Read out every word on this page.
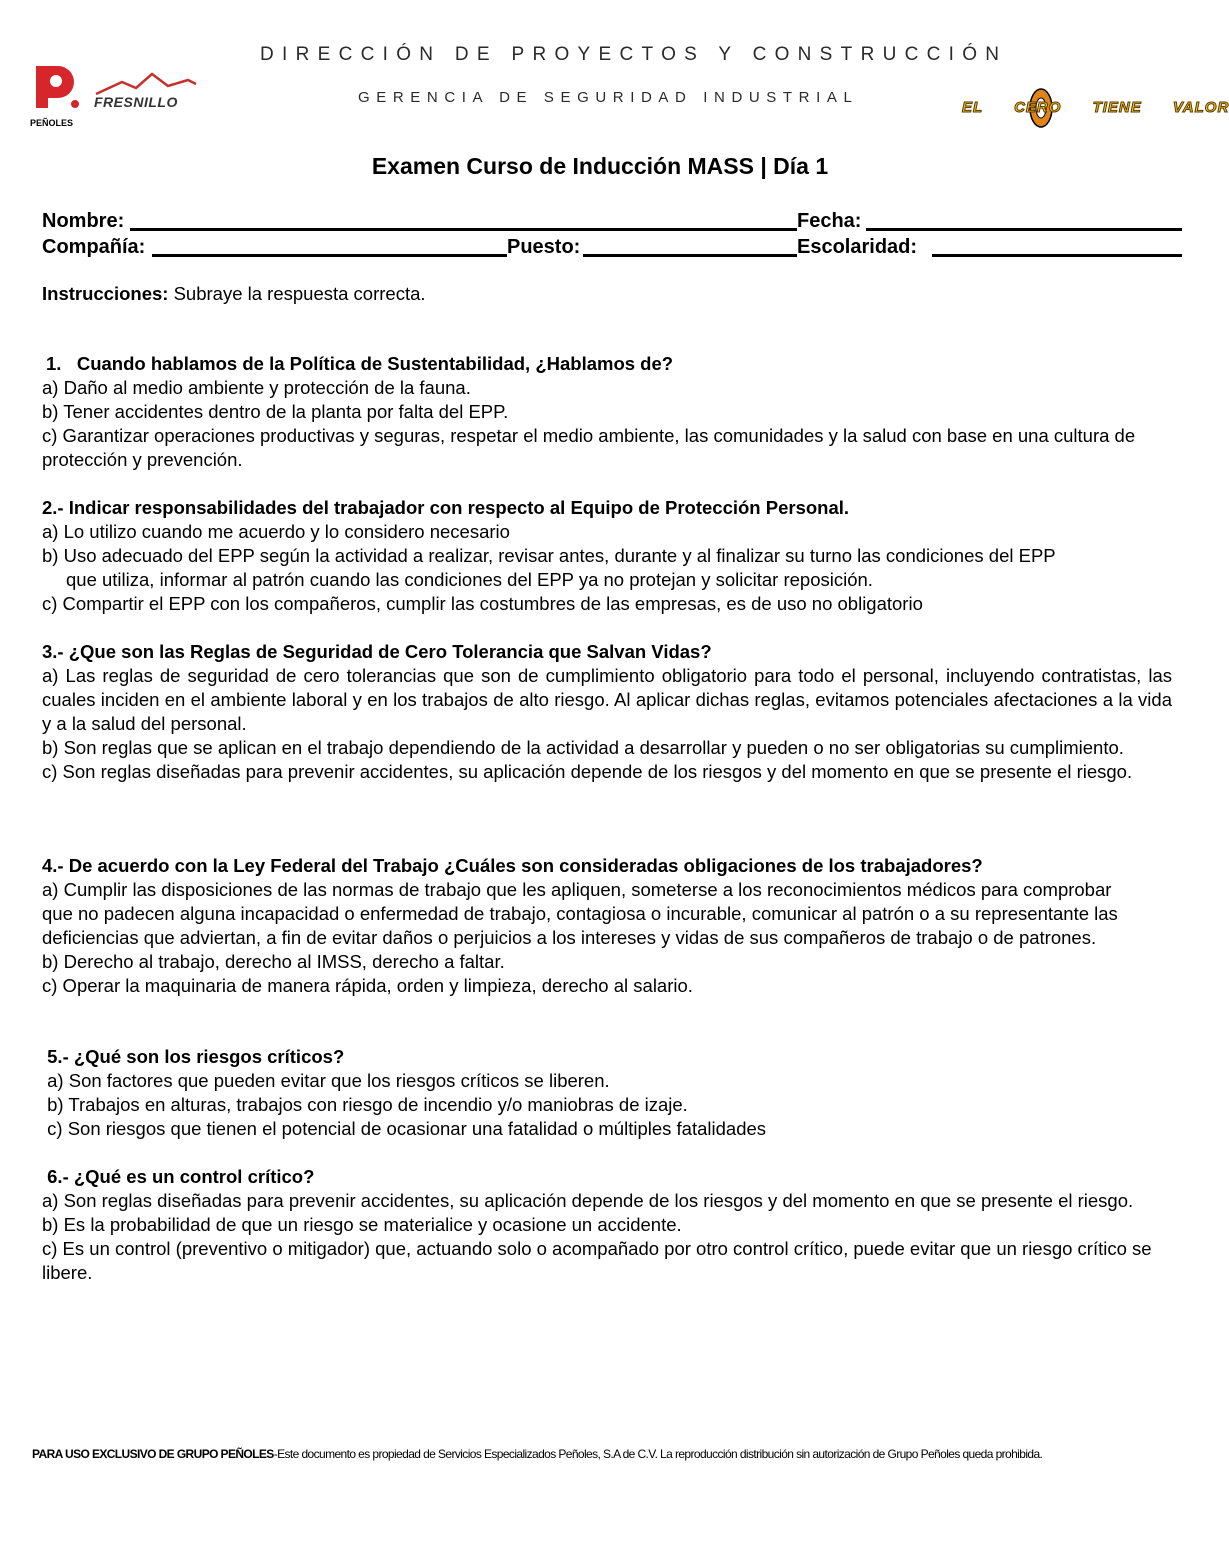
PEÑOLES
FRESNILLO
DIRECCIÓN DE PROYECTOS Y CONSTRUCCIÓN
GERENCIA DE SEGURIDAD INDUSTRIAL
EL CERO TIENE VALOR
Examen Curso de Inducción MASS | Día 1
Nombre:	Fecha:
Compañía:	Puesto:	Escolaridad:
Instrucciones: Subraye la respuesta correcta.
1.   Cuando hablamos de la Política de Sustentabilidad, ¿Hablamos de?
a) Daño al medio ambiente y protección de la fauna.
b) Tener accidentes dentro de la planta por falta del EPP.
c) Garantizar operaciones productivas y seguras, respetar el medio ambiente, las comunidades y la salud con base en una cultura de protección y prevención.
2.- Indicar responsabilidades del trabajador con respecto al Equipo de Protección Personal.
a) Lo utilizo cuando me acuerdo y lo considero necesario
b) Uso adecuado del EPP según la actividad a realizar, revisar antes, durante y al finalizar su turno las condiciones del EPP
que utiliza, informar al patrón cuando las condiciones del EPP ya no protejan y solicitar reposición.
c) Compartir el EPP con los compañeros, cumplir las costumbres de las empresas, es de uso no obligatorio
3.- ¿Que son las Reglas de Seguridad de Cero Tolerancia que Salvan Vidas?
a) Las reglas de seguridad de cero tolerancias que son de cumplimiento obligatorio para todo el personal, incluyendo contratistas, las cuales inciden en el ambiente laboral y en los trabajos de alto riesgo. Al aplicar dichas reglas, evitamos potenciales afectaciones a la vida y a la salud del personal.
b) Son reglas que se aplican en el trabajo dependiendo de la actividad a desarrollar y pueden o no ser obligatorias su cumplimiento.
c) Son reglas diseñadas para prevenir accidentes, su aplicación depende de los riesgos y del momento en que se presente el riesgo.
4.- De acuerdo con la Ley Federal del Trabajo ¿Cuáles son consideradas obligaciones de los trabajadores?
a) Cumplir las disposiciones de las normas de trabajo que les apliquen, someterse a los reconocimientos médicos para comprobar que no padecen alguna incapacidad o enfermedad de trabajo, contagiosa o incurable, comunicar al patrón o a su representante las deficiencias que adviertan, a fin de evitar daños o perjuicios a los intereses y vidas de sus compañeros de trabajo o de patrones.
b) Derecho al trabajo, derecho al IMSS, derecho a faltar.
c) Operar la maquinaria de manera rápida, orden y limpieza, derecho al salario.
5.- ¿Qué son los riesgos críticos?
a) Son factores que pueden evitar que los riesgos críticos se liberen.
b) Trabajos en alturas, trabajos con riesgo de incendio y/o maniobras de izaje.
c) Son riesgos que tienen el potencial de ocasionar una fatalidad o múltiples fatalidades
6.- ¿Qué es un control crítico?
a) Son reglas diseñadas para prevenir accidentes, su aplicación depende de los riesgos y del momento en que se presente el riesgo.
b) Es la probabilidad de que un riesgo se materialice y ocasione un accidente.
c) Es un control (preventivo o mitigador) que, actuando solo o acompañado por otro control crítico, puede evitar que un riesgo crítico se libere.
PARA USO EXCLUSIVO DE GRUPO PEÑOLES-Este documento es propiedad de Servicios Especializados Peñoles, S.A de C.V. La reproducción distribución sin autorización de Grupo Peñoles queda prohibida.
